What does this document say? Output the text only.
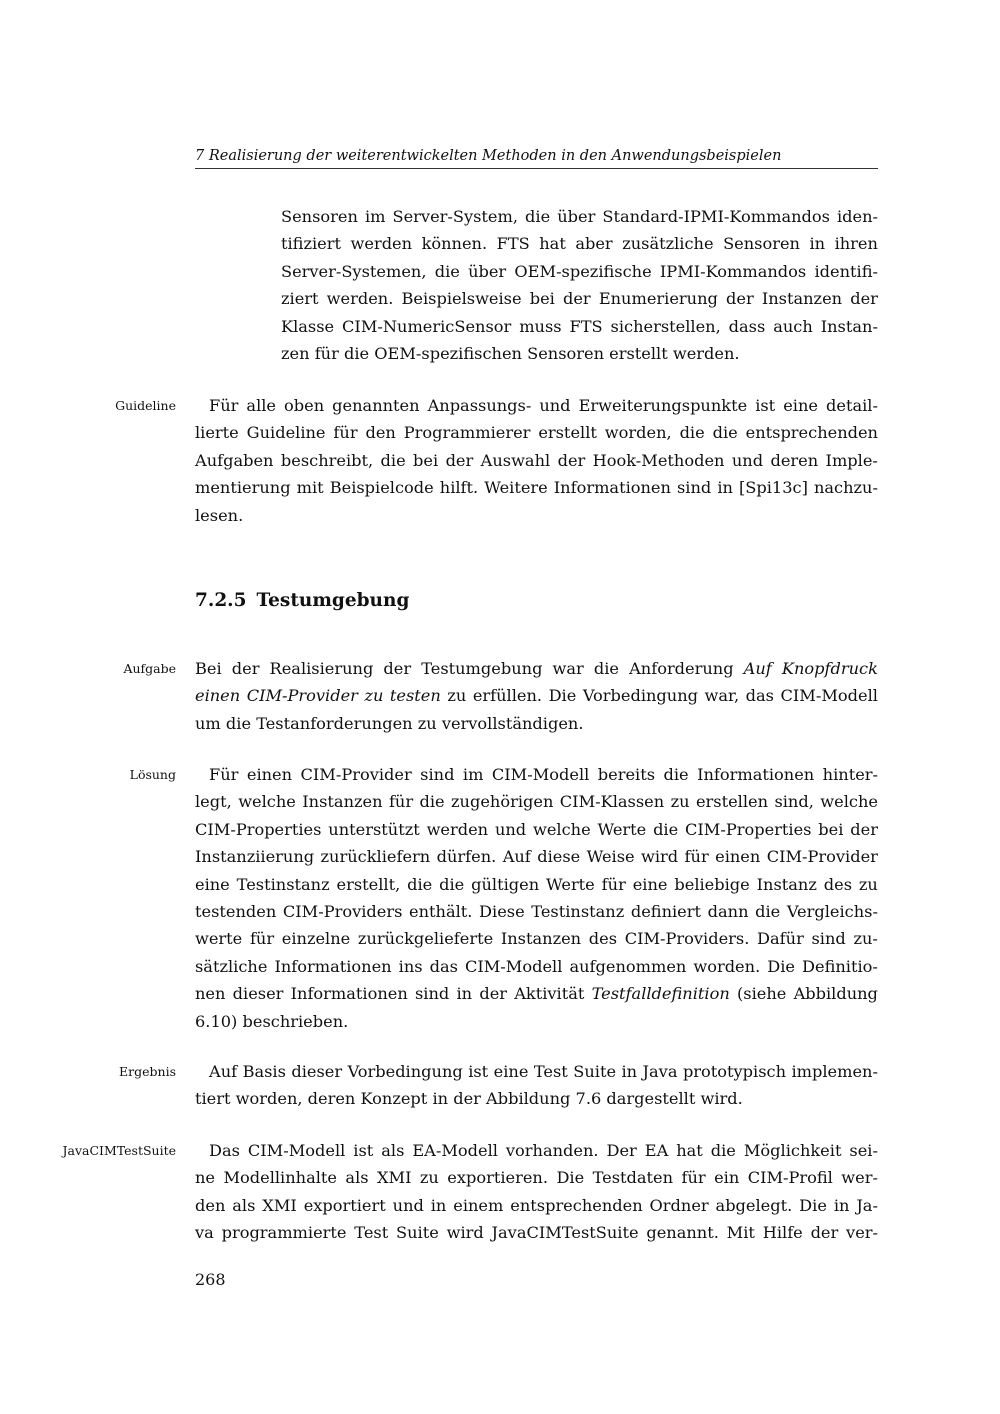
7 Realisierung der weiterentwickelten Methoden in den Anwendungsbeispielen
7.2.5 Testumgebung
Sensoren im Server-System, die über Standard-IPMI-Kommandos iden-
tifiziert werden können. FTS hat aber zusätzliche Sensoren in ihren
Server-Systemen, die über OEM-spezifische IPMI-Kommandos identifi-
ziert werden. Beispielsweise bei der Enumerierung der Instanzen der
Klasse CIM-NumericSensor muss FTS sicherstellen, dass auch Instan-
zen für die OEM-spezifischen Sensoren erstellt werden.
Guideline Für alle oben genannten Anpassungs- und Erweiterungspunkte ist eine detail-
lierte Guideline für den Programmierer erstellt worden, die die entsprechenden
Aufgaben beschreibt, die bei der Auswahl der Hook-Methoden und deren Imple-
mentierung mit Beispielcode hilft. Weitere Informationen sind in [Spi13c] nachzu-
lesen.
Aufgabe Bei der Realisierung der Testumgebung war die Anforderung Auf Knopfdruck
einen CIM-Provider zu testen zu erfüllen. Die Vorbedingung war, das CIM-Modell
um die Testanforderungen zu vervollständigen.
Lösung Für einen CIM-Provider sind im CIM-Modell bereits die Informationen hinter-
legt, welche Instanzen für die zugehörigen CIM-Klassen zu erstellen sind, welche
CIM-Properties unterstützt werden und welche Werte die CIM-Properties bei der
Instanziierung zurückliefern dürfen. Auf diese Weise wird für einen CIM-Provider
eine Testinstanz erstellt, die die gültigen Werte für eine beliebige Instanz des zu
testenden CIM-Providers enthält. Diese Testinstanz definiert dann die Vergleichs-
werte für einzelne zurückgelieferte Instanzen des CIM-Providers. Dafür sind zu-
sätzliche Informationen ins das CIM-Modell aufgenommen worden. Die Definitio-
nen dieser Informationen sind in der Aktivität Testfalldefinition (siehe Abbildung
6.10) beschrieben.
Ergebnis Auf Basis dieser Vorbedingung ist eine Test Suite in Java prototypisch implemen-
tiert worden, deren Konzept in der Abbildung 7.6 dargestellt wird.
JavaCIMTestSuite Das CIM-Modell ist als EA-Modell vorhanden. Der EA hat die Möglichkeit sei-
ne Modellinhalte als XMI zu exportieren. Die Testdaten für ein CIM-Profil wer-
den als XMI exportiert und in einem entsprechenden Ordner abgelegt. Die in Ja-
va programmierte Test Suite wird JavaCIMTestSuite genannt. Mit Hilfe der ver-
268
